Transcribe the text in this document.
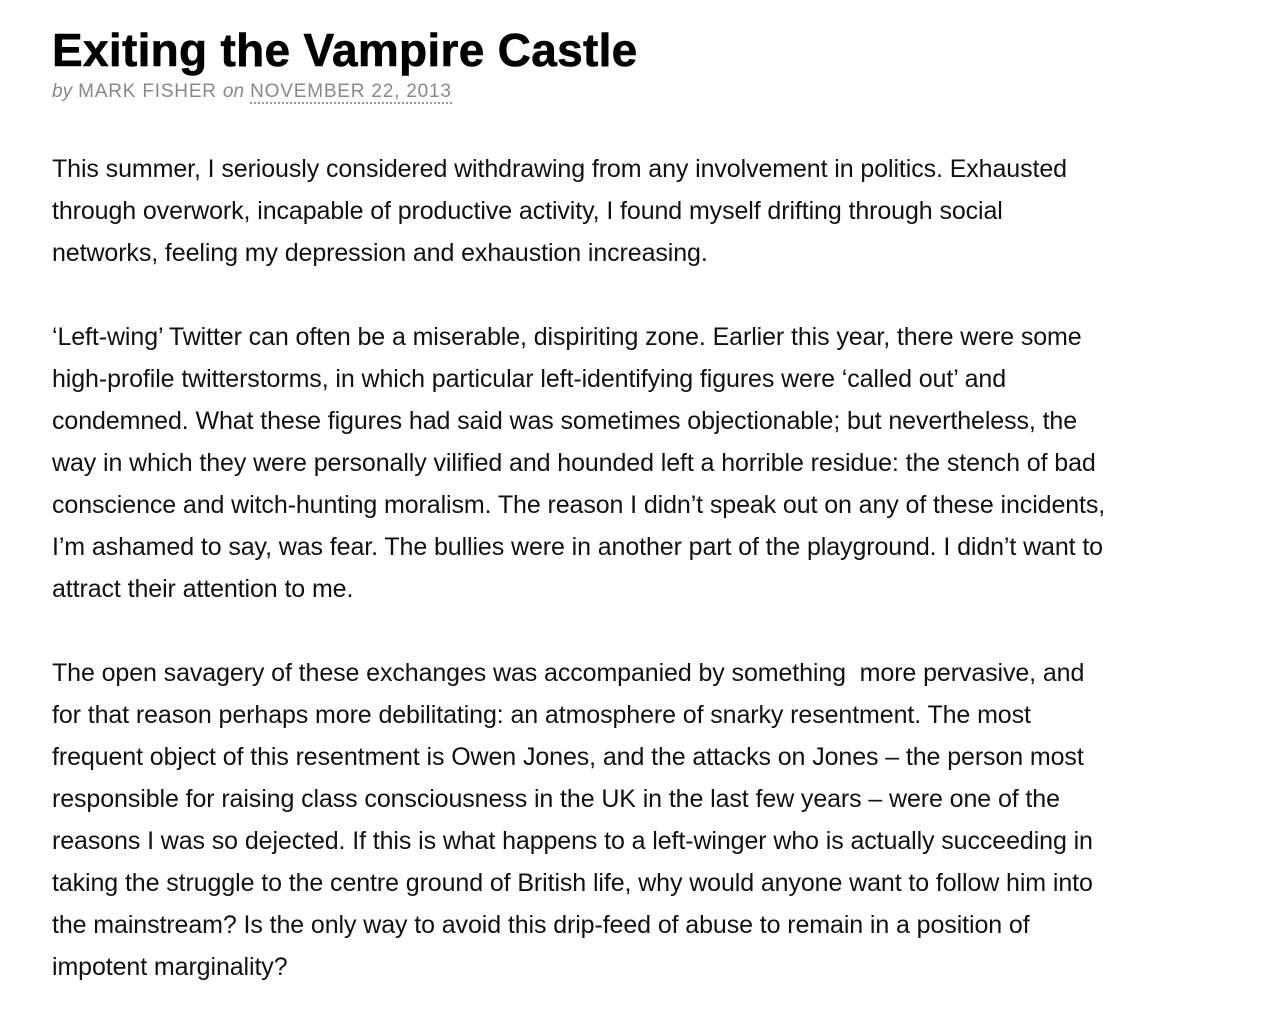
Exiting the Vampire Castle
by MARK FISHER on NOVEMBER 22, 2013

This summer, I seriously considered withdrawing from any involvement in politics. Exhausted
through overwork, incapable of productive activity, I found myself drifting through social
networks, feeling my depression and exhaustion increasing.

‘Left-wing’ Twitter can often be a miserable, dispiriting zone. Earlier this year, there were some
high-profile twitterstorms, in which particular left-identifying figures were ‘called out’ and
condemned. What these figures had said was sometimes objectionable; but nevertheless, the
way in which they were personally vilified and hounded left a horrible residue: the stench of bad
conscience and witch-hunting moralism. The reason I didn’t speak out on any of these incidents,
I’m ashamed to say, was fear. The bullies were in another part of the playground. I didn’t want to
attract their attention to me.

The open savagery of these exchanges was accompanied by something  more pervasive, and
for that reason perhaps more debilitating: an atmosphere of snarky resentment. The most
frequent object of this resentment is Owen Jones, and the attacks on Jones – the person most
responsible for raising class consciousness in the UK in the last few years – were one of the
reasons I was so dejected. If this is what happens to a left-winger who is actually succeeding in
taking the struggle to the centre ground of British life, why would anyone want to follow him into
the mainstream? Is the only way to avoid this drip-feed of abuse to remain in a position of
impotent marginality?
